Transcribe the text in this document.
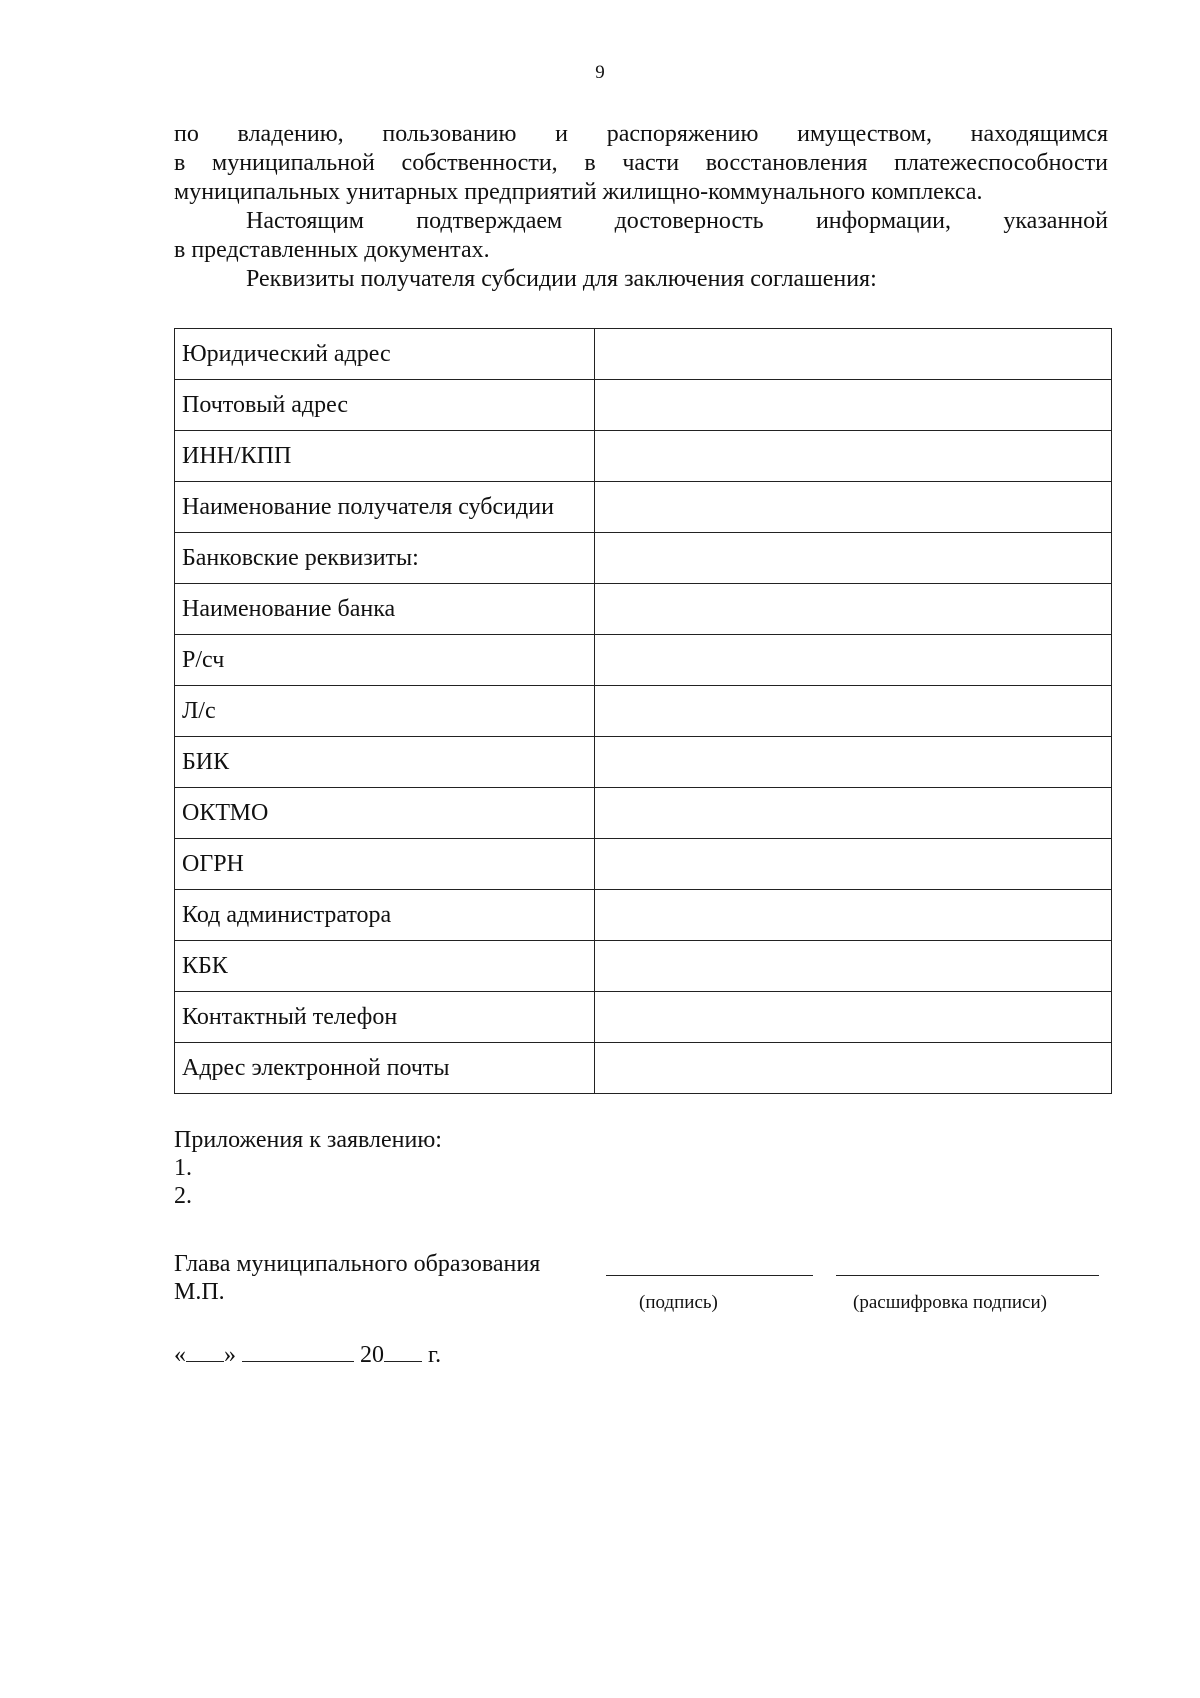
9

по владению, пользованию и распоряжению имуществом, находящимся
в муниципальной собственности, в части восстановления платежеспособности
муниципальных унитарных предприятий жилищно-коммунального комплекса.

Настоящим подтверждаем достоверность информации, указанной
в представленных документах.

Реквизиты получателя субсидии для заключения соглашения:

Юридический адрес	
Почтовый адрес	
ИНН/КПП	
Наименование получателя субсидии	
Банковские реквизиты:	
Наименование банка	
Р/сч	
Л/с	
БИК	
ОКТМО	
ОГРН	
Код администратора	
КБК	
Контактный телефон	
Адрес электронной почты	
Приложения к заявлению:
1.
2.
Глава муниципального образования
М.П.	(подпись)	(расшифровка подписи)
« »	20 г.
